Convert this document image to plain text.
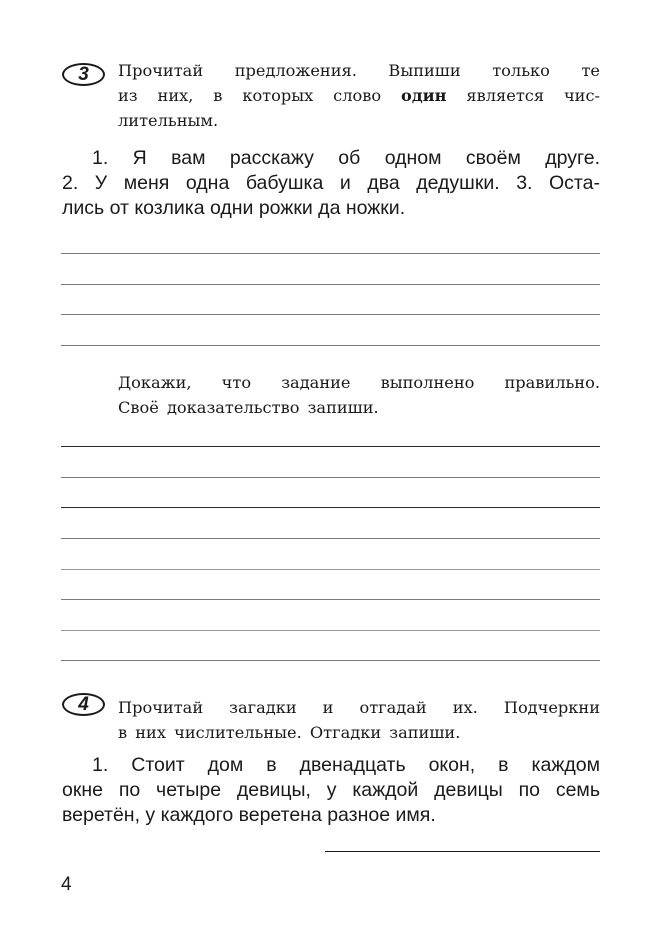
3 Прочитай предложения. Выпиши только те
из них, в которых слово один является чис-
лительным.
1. Я вам расскажу об одном своём друге.
2. У меня одна бабушка и два дедушки. 3. Оста-
лись от козлика одни рожки да ножки.
Докажи, что задание выполнено правильно.
Своё доказательство запиши.
4 Прочитай загадки и отгадай их. Подчеркни
в них числительные. Отгадки запиши.
1. Стоит дом в двенадцать окон, в каждом
окне по четыре девицы, у каждой девицы по семь
веретён, у каждого веретена разное имя.
4
